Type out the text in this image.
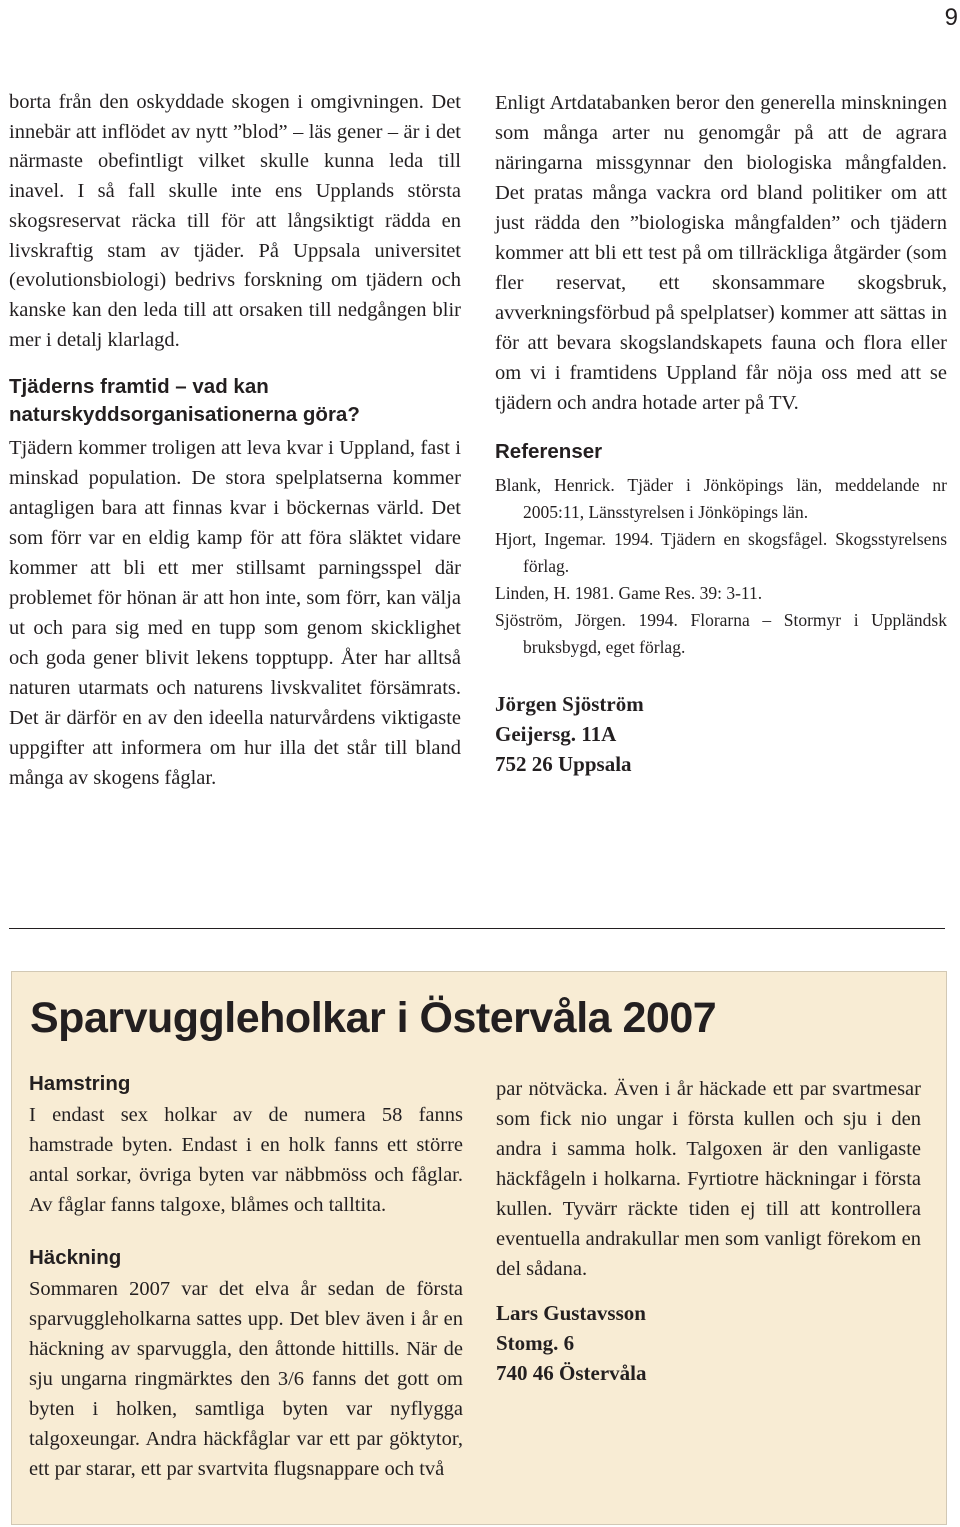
9

borta från den oskyddade skogen i omgivningen. Det innebär att inflödet av nytt ”blod” – läs gener – är i det närmaste obefintligt vilket skulle kunna leda till inavel. I så fall skulle inte ens Upplands största skogsreservat räcka till för att långsiktigt rädda en livskraftig stam av tjäder. På Uppsala universitet (evolutionsbiologi) bedrivs forskning om tjädern och kanske kan den leda till att orsaken till nedgången blir mer i detalj klarlagd.

Tjäderns framtid – vad kan naturskyddsorganisationerna göra?

Tjädern kommer troligen att leva kvar i Uppland, fast i minskad population. De stora spelplatserna kommer antagligen bara att finnas kvar i böckernas värld. Det som förr var en eldig kamp för att föra släktet vidare kommer att bli ett mer stillsamt parningsspel där problemet för hönan är att hon inte, som förr, kan välja ut och para sig med en tupp som genom skicklighet och goda gener blivit lekens topptupp. Åter har alltså naturen utarmats och naturens livskvalitet försämrats. Det är därför en av den ideella naturvårdens viktigaste uppgifter att informera om hur illa det står till bland många av skogens fåglar.

Enligt Artdatabanken beror den generella minskningen som många arter nu genomgår på att de agrara näringarna missgynnar den biologiska mångfalden. Det pratas många vackra ord bland politiker om att just rädda den ”biologiska mångfalden” och tjädern kommer att bli ett test på om tillräckliga åtgärder (som fler reservat, ett skonsammare skogsbruk, avverkningsförbud på spelplatser) kommer att sättas in för att bevara skogslandskapets fauna och flora eller om vi i framtidens Uppland får nöja oss med att se tjädern och andra hotade arter på TV.

Referenser

Blank, Henrick. Tjäder i Jönköpings län, meddelande nr 2005:11, Länsstyrelsen i Jönköpings län.

Hjort, Ingemar. 1994. Tjädern en skogsfågel. Skogsstyrelsens förlag.

Linden, H. 1981. Game Res. 39: 3-11.

Sjöström, Jörgen. 1994. Florarna – Stormyr i Uppländsk bruksbygd, eget förlag.

Jörgen Sjöström

Geijersg. 11A

752 26 Uppsala

Sparvuggleholkar i Östervåla 2007
Hamstring

I endast sex holkar av de numera 58 fanns hamstrade byten. Endast i en holk fanns ett större antal sorkar, övriga byten var näbbmöss och fåglar. Av fåglar fanns talgoxe, blåmes och talltita.

Häckning

Sommaren 2007 var det elva år sedan de första sparvuggleholkarna sattes upp. Det blev även i år en häckning av sparvuggla, den åttonde hittills. När de sju ungarna ringmärktes den 3/6 fanns det gott om byten i holken, samtliga byten var nyflygga talgoxeungar. Andra häckfåglar var ett par göktytor, ett par starar, ett par svartvita flugsnappare och två

par nötväcka. Även i år häckade ett par svartmesar som fick nio ungar i första kullen och sju i den andra i samma holk. Talgoxen är den vanligaste häckfågeln i holkarna. Fyrtiotre häckningar i första kullen. Tyvärr räckte tiden ej till att kontrollera eventuella andrakullar men som vanligt förekom en del sådana.

Lars Gustavsson

Stomg. 6

740 46 Östervåla
